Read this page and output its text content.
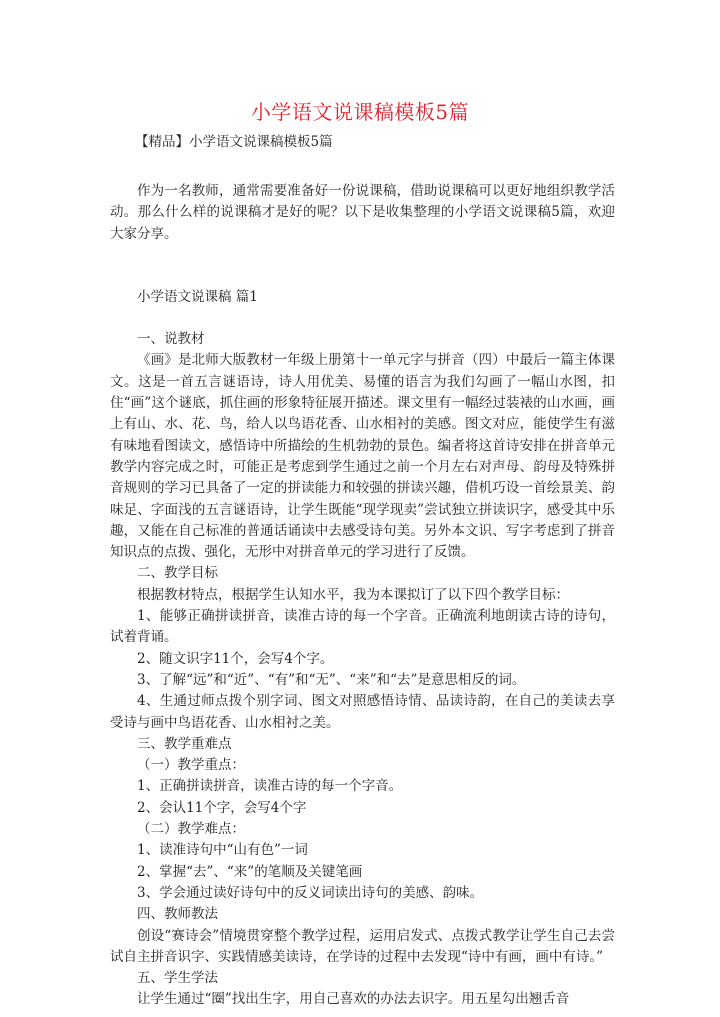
小学语文说课稿模板5篇

【精品】小学语文说课稿模板5篇

作为一名教师，通常需要准备好一份说课稿，借助说课稿可以更好地组织教学活动。那么什么样的说课稿才是好的呢？以下是收集整理的小学语文说课稿5篇，欢迎大家分享。

小学语文说课稿 篇1

一、说教材

《画》是北师大版教材一年级上册第十一单元字与拼音（四）中最后一篇主体课文。这是一首五言谜语诗，诗人用优美、易懂的语言为我们勾画了一幅山水图，扣住“画”这个谜底，抓住画的形象特征展开描述。课文里有一幅经过装裱的山水画，画上有山、水、花、鸟，给人以鸟语花香、山水相衬的美感。图文对应，能使学生有滋有味地看图读文，感悟诗中所描绘的生机勃勃的景色。编者将这首诗安排在拼音单元教学内容完成之时，可能正是考虑到学生通过之前一个月左右对声母、韵母及特殊拼音规则的学习已具备了一定的拼读能力和较强的拼读兴趣，借机巧设一首绘景美、韵味足、字面浅的五言谜语诗，让学生既能“现学现卖”尝试独立拼读识字，感受其中乐趣，又能在自己标准的普通话诵读中去感受诗句美。另外本文识、写字考虑到了拼音知识点的点拨、强化，无形中对拼音单元的学习进行了反馈。

二、教学目标

根据教材特点，根据学生认知水平，我为本课拟订了以下四个教学目标：

1、能够正确拼读拼音，读准古诗的每一个字音。正确流利地朗读古诗的诗句，试着背诵。

2、随文识字11个，会写4个字。

3、了解“远”和“近”、“有”和“无”、“来”和“去”是意思相反的词。

4、生通过师点拨个别字词、图文对照感悟诗情、品读诗韵，在自己的美读去享受诗与画中鸟语花香、山水相衬之美。

三、教学重难点

（一）教学重点：

1、正确拼读拼音，读准古诗的每一个字音。

2、会认11个字，会写4个字

（二）教学难点：

1、读准诗句中“山有色”一词

2、掌握“去”、“来”的笔顺及关键笔画

3、学会通过读好诗句中的反义词读出诗句的美感、韵味。

四、教师教法

创设“赛诗会”情境贯穿整个教学过程，运用启发式、点拨式教学让学生自己去尝试自主拼音识字、实践情感美读诗，在学诗的过程中去发现“诗中有画，画中有诗。”

五、学生学法

让学生通过“圈”找出生字，用自己喜欢的办法去识字。用五星勾出翘舌音
